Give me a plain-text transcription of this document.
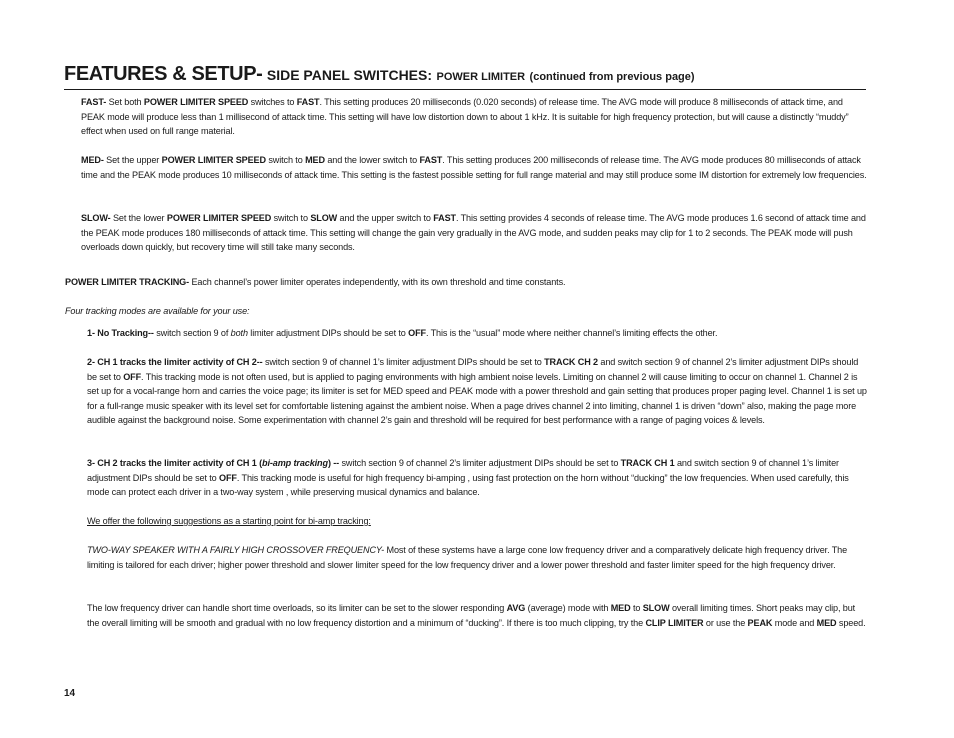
FEATURES & SETUP- SIDE PANEL SWITCHES: POWER LIMITER (continued from previous page)
FAST- Set both POWER LIMITER SPEED switches to FAST. This setting produces 20 milliseconds (0.020 seconds) of release time. The AVG mode will produce 8 milliseconds of attack time, and PEAK mode will produce less than 1 millisecond of attack time. This setting will have low distortion down to about 1 kHz. It is suitable for high frequency protection, but will cause a distinctly “muddy” effect when used on full range material.
MED- Set the upper POWER LIMITER SPEED switch to MED and the lower switch to FAST. This setting produces 200 milliseconds of release time. The AVG mode produces 80 milliseconds of attack time and the PEAK mode produces 10 milliseconds of attack time. This setting is the fastest possible setting for full range material and may still produce some IM distortion for extremely low frequencies.
SLOW- Set the lower POWER LIMITER SPEED switch to SLOW and the upper switch to FAST. This setting provides 4 seconds of release time. The AVG mode produces 1.6 second of attack time and the PEAK mode produces 180 milliseconds of attack time. This setting will change the gain very gradually in the AVG mode, and sudden peaks may clip for 1 to 2 seconds. The PEAK mode will push overloads down quickly, but recovery time will still take many seconds.
POWER LIMITER TRACKING- Each channel’s power limiter operates independently, with its own threshold and time constants.
Four tracking modes are available for your use:
1- No Tracking-- switch section 9 of both limiter adjustment DIPs should be set to OFF. This is the “usual” mode where neither channel’s limiting effects the other.
2- CH 1 tracks the limiter activity of CH 2-- switch section 9 of channel 1’s limiter adjustment DIPs should be set to TRACK CH 2 and switch section 9 of channel 2’s limiter adjustment DIPs should be set to OFF. This tracking mode is not often used, but is applied to paging environments with high ambient noise levels. Limiting on channel 2 will cause limiting to occur on channel 1. Channel 2 is set up for a vocal-range horn and carries the voice page; its limiter is set for MED speed and PEAK mode with a power threshold and gain setting that produces proper paging level. Channel 1 is set up for a full-range music speaker with its level set for comfortable listening against the ambient noise. When a page drives channel 2 into limiting, channel 1 is driven “down” also, making the page more audible against the background noise. Some experimentation with channel 2’s gain and threshold will be required for best performance with a range of paging voices & levels.
3- CH 2 tracks the limiter activity of CH 1 (bi-amp tracking) -- switch section 9 of channel 2’s limiter adjustment DIPs should be set to TRACK CH 1 and switch section 9 of channel 1’s limiter adjustment DIPs should be set to OFF. This tracking mode is useful for high frequency bi-amping , using fast protection on the horn without “ducking” the low frequencies. When used carefully, this mode can protect each driver in a two-way system , while preserving musical dynamics and balance.
We offer the following suggestions as a starting point for bi-amp tracking:
TWO-WAY SPEAKER WITH A FAIRLY HIGH CROSSOVER FREQUENCY- Most of these systems have a large cone low frequency driver and a comparatively delicate high frequency driver. The limiting is tailored for each driver; higher power threshold and slower limiter speed for the low frequency driver and a lower power threshold and faster limiter speed for the high frequency driver.
The low frequency driver can handle short time overloads, so its limiter can be set to the slower responding AVG (average) mode with MED to SLOW overall limiting times. Short peaks may clip, but the overall limiting will be smooth and gradual with no low frequency distortion and a minimum of “ducking”. If there is too much clipping, try the CLIP LIMITER or use the PEAK mode and MED speed.
14
